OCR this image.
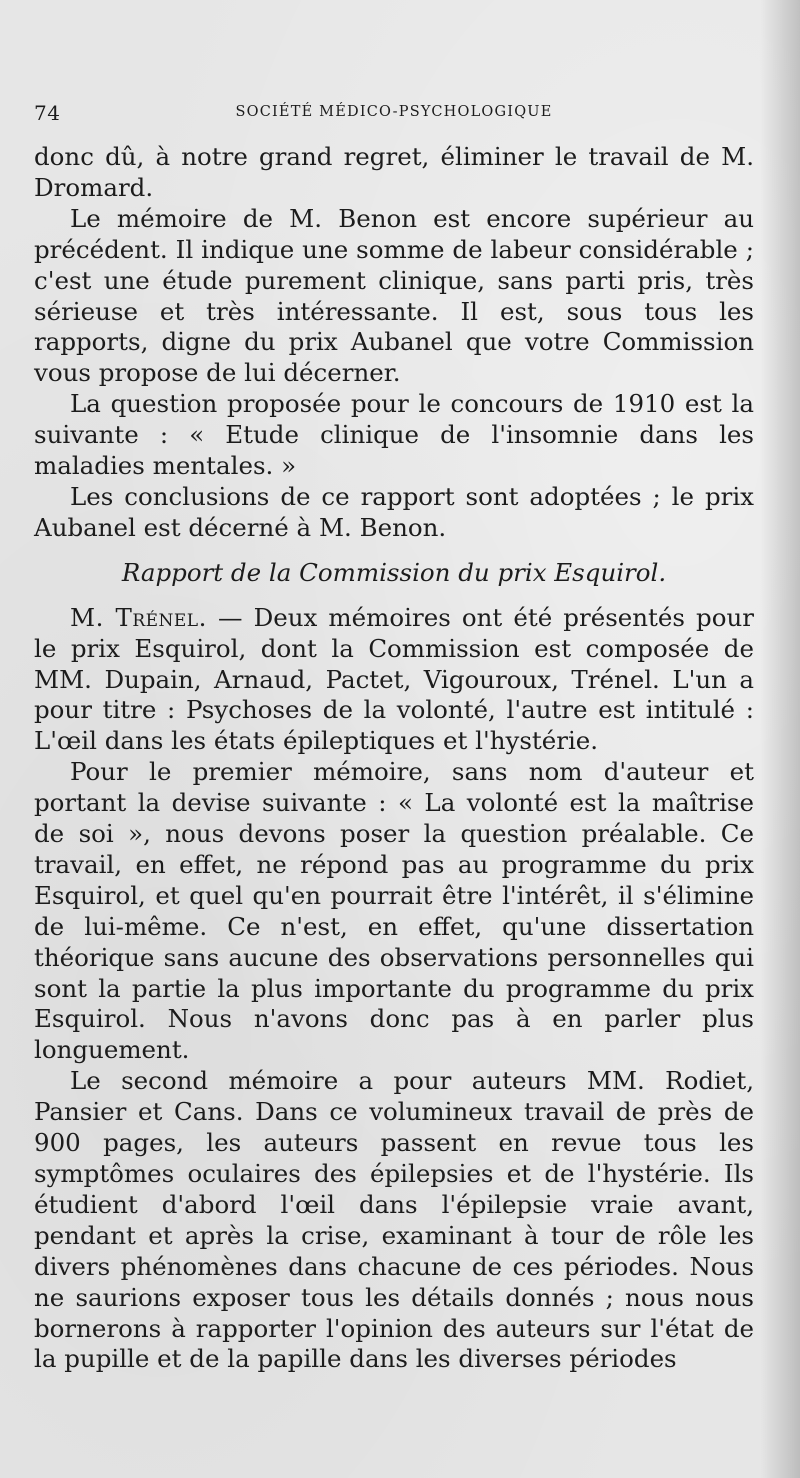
74	SOCIÉTÉ MÉDICO-PSYCHOLOGIQUE

donc dû, à notre grand regret, éliminer le travail de M. Dromard.

Le mémoire de M. Benon est encore supérieur au précédent. Il indique une somme de labeur considérable ; c'est une étude purement clinique, sans parti pris, très sérieuse et très intéressante. Il est, sous tous les rapports, digne du prix Aubanel que votre Commission vous propose de lui décerner.

La question proposée pour le concours de 1910 est la suivante : « Etude clinique de l'insomnie dans les maladies mentales. »

Les conclusions de ce rapport sont adoptées ; le prix Aubanel est décerné à M. Benon.

Rapport de la Commission du prix Esquirol.

M. Trénel. — Deux mémoires ont été présentés pour le prix Esquirol, dont la Commission est composée de MM. Dupain, Arnaud, Pactet, Vigouroux, Trénel. L'un a pour titre : Psychoses de la volonté, l'autre est intitulé : L'œil dans les états épileptiques et l'hystérie.

Pour le premier mémoire, sans nom d'auteur et portant la devise suivante : « La volonté est la maîtrise de soi », nous devons poser la question préalable. Ce travail, en effet, ne répond pas au programme du prix Esquirol, et quel qu'en pourrait être l'intérêt, il s'élimine de lui-même. Ce n'est, en effet, qu'une dissertation théorique sans aucune des observations personnelles qui sont la partie la plus importante du programme du prix Esquirol. Nous n'avons donc pas à en parler plus longuement.

Le second mémoire a pour auteurs MM. Rodiet, Pansier et Cans. Dans ce volumineux travail de près de 900 pages, les auteurs passent en revue tous les symptômes oculaires des épilepsies et de l'hystérie. Ils étudient d'abord l'œil dans l'épilepsie vraie avant, pendant et après la crise, examinant à tour de rôle les divers phénomènes dans chacune de ces périodes. Nous ne saurions exposer tous les détails donnés ; nous nous bornerons à rapporter l'opinion des auteurs sur l'état de la pupille et de la papille dans les diverses périodes
